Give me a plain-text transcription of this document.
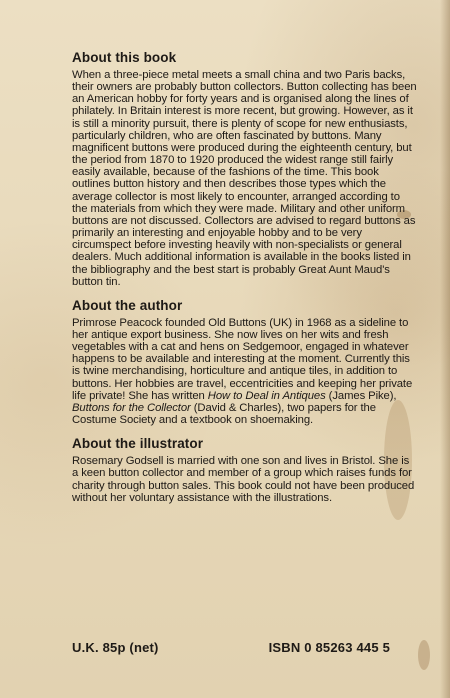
About this book

When a three-piece metal meets a small china and two Paris backs, their owners are probably button collectors. Button collecting has been an American hobby for forty years and is organised along the lines of philately. In Britain interest is more recent, but growing. However, as it is still a minority pursuit, there is plenty of scope for new enthusiasts, particularly children, who are often fascinated by buttons. Many magnificent buttons were produced during the eighteenth century, but the period from 1870 to 1920 produced the widest range still fairly easily available, because of the fashions of the time. This book outlines button history and then describes those types which the average collector is most likely to encounter, arranged according to the materials from which they were made. Military and other uniform buttons are not discussed. Collectors are advised to regard buttons as primarily an interesting and enjoyable hobby and to be very circumspect before investing heavily with non-specialists or general dealers. Much additional information is available in the books listed in the bibliography and the best start is probably Great Aunt Maud's button tin.

About the author

Primrose Peacock founded Old Buttons (UK) in 1968 as a sideline to her antique export business. She now lives on her wits and fresh vegetables with a cat and hens on Sedgemoor, engaged in whatever happens to be available and interesting at the moment. Currently this is twine merchandising, horticulture and antique tiles, in addition to buttons. Her hobbies are travel, eccentricities and keeping her private life private! She has written How to Deal in Antiques (James Pike), Buttons for the Collector (David & Charles), two papers for the Costume Society and a textbook on shoemaking.

About the illustrator

Rosemary Godsell is married with one son and lives in Bristol. She is a keen button collector and member of a group which raises funds for charity through button sales. This book could not have been produced without her voluntary assistance with the illustrations.

U.K. 85p (net)	ISBN 0 85263 445 5
